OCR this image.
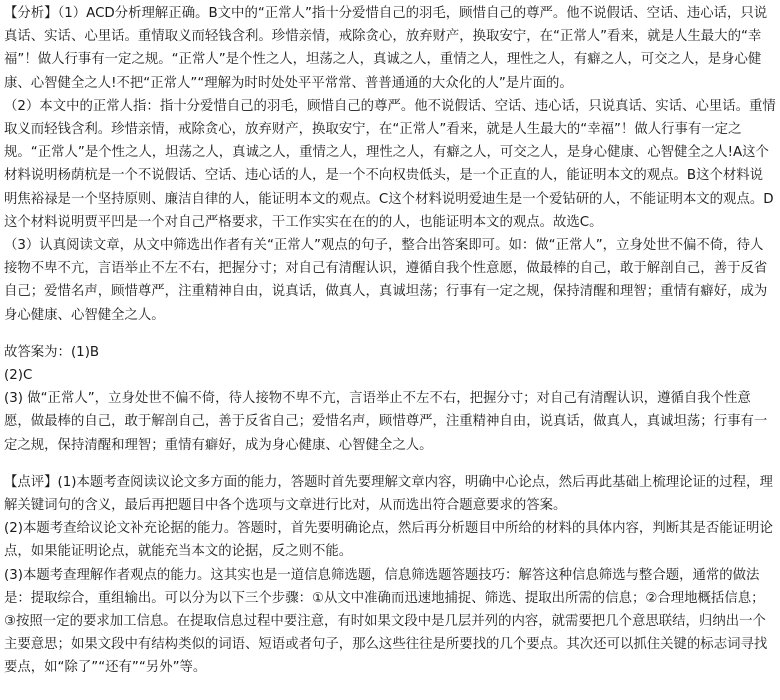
【分析】（1）ACD分析理解正确。B文中的“正常人”指十分爱惜自己的羽毛，顾惜自己的尊严。他不说假话、空话、违心话，只说真话、实话、心里话。重情取义而轻钱含利。珍惜亲情，戒除贪心，放弃财产，换取安宁，在“正常人”看来，就是人生最大的“幸福”！做人行事有一定之规。“正常人”是个性之人，坦荡之人，真诚之人，重情之人，理性之人，有癖之人，可交之人，是身心健康、心智健全之人!不把“正常人”“理解为时时处处平平常常、普普通通的大众化的人”是片面的。

（2）本文中的正常人指：指十分爱惜自己的羽毛，顾惜自己的尊严。他不说假话、空话、违心话，只说真话、实话、心里话。重情取义而轻钱含利。珍惜亲情，戒除贪心，放弃财产，换取安宁，在“正常人”看来，就是人生最大的“幸福”！做人行事有一定之规。“正常人”是个性之人，坦荡之人，真诚之人，重情之人，理性之人，有癖之人，可交之人，是身心健康、心智健全之人!A这个材料说明杨荫杭是一个不说假话、空话、违心话的人，是一个不向权贵低头，是一个正直的人，能证明本文的观点。B这个材料说明焦裕禄是一个坚持原则、廉洁自律的人，能证明本文的观点。C这个材料说明爱迪生是一个爱钻研的人，不能证明本文的观点。D这个材料说明贾平凹是一个对自己严格要求，干工作实实在在的的人，也能证明本文的观点。故选C。

（3）认真阅读文章，从文中筛选出作者有关“正常人”观点的句子，整合出答案即可。如：做“正常人”，立身处世不偏不倚，待人接物不卑不亢，言语举止不左不右，把握分寸；对自己有清醒认识，遵循自我个性意愿，做最棒的自己，敢于解剖自己，善于反省自己；爱惜名声，顾惜尊严，注重精神自由，说真话，做真人，真诚坦荡；行事有一定之规，保持清醒和理智；重情有癖好，成为身心健康、心智健全之人。

故答案为：(1)B

(2)C

(3) 做“正常人”，立身处世不偏不倚，待人接物不卑不亢，言语举止不左不右，把握分寸；对自己有清醒认识，遵循自我个性意愿，做最棒的自己，敢于解剖自己，善于反省自己；爱惜名声，顾惜尊严，注重精神自由，说真话，做真人，真诚坦荡；行事有一定之规，保持清醒和理智；重情有癖好，成为身心健康、心智健全之人。

【点评】(1)本题考查阅读议论文多方面的能力，答题时首先要理解文章内容，明确中心论点，然后再此基础上梳理论证的过程，理解关键词句的含义，最后再把题目中各个选项与文章进行比对，从而选出符合题意要求的答案。

(2)本题考查给议论文补充论据的能力。答题时，首先要明确论点，然后再分析题目中所给的材料的具体内容，判断其是否能证明论点，如果能证明论点，就能充当本文的论据，反之则不能。

(3)本题考查理解作者观点的能力。这其实也是一道信息筛选题，信息筛选题答题技巧：解答这种信息筛选与整合题，通常的做法是：提取综合，重组输出。可以分为以下三个步骤：①从文中准确而迅速地捕捉、筛选、提取出所需的信息；②合理地概括信息；③按照一定的要求加工信息。在提取信息过程中要注意，有时如果文段中是几层并列的内容，就需要把几个意思联结，归纳出一个主要意思；如果文段中有结构类似的词语、短语或者句子，那么这些往往是所要找的几个要点。其次还可以抓住关键的标志词寻找要点，如“除了”“还有”“另外”等。
